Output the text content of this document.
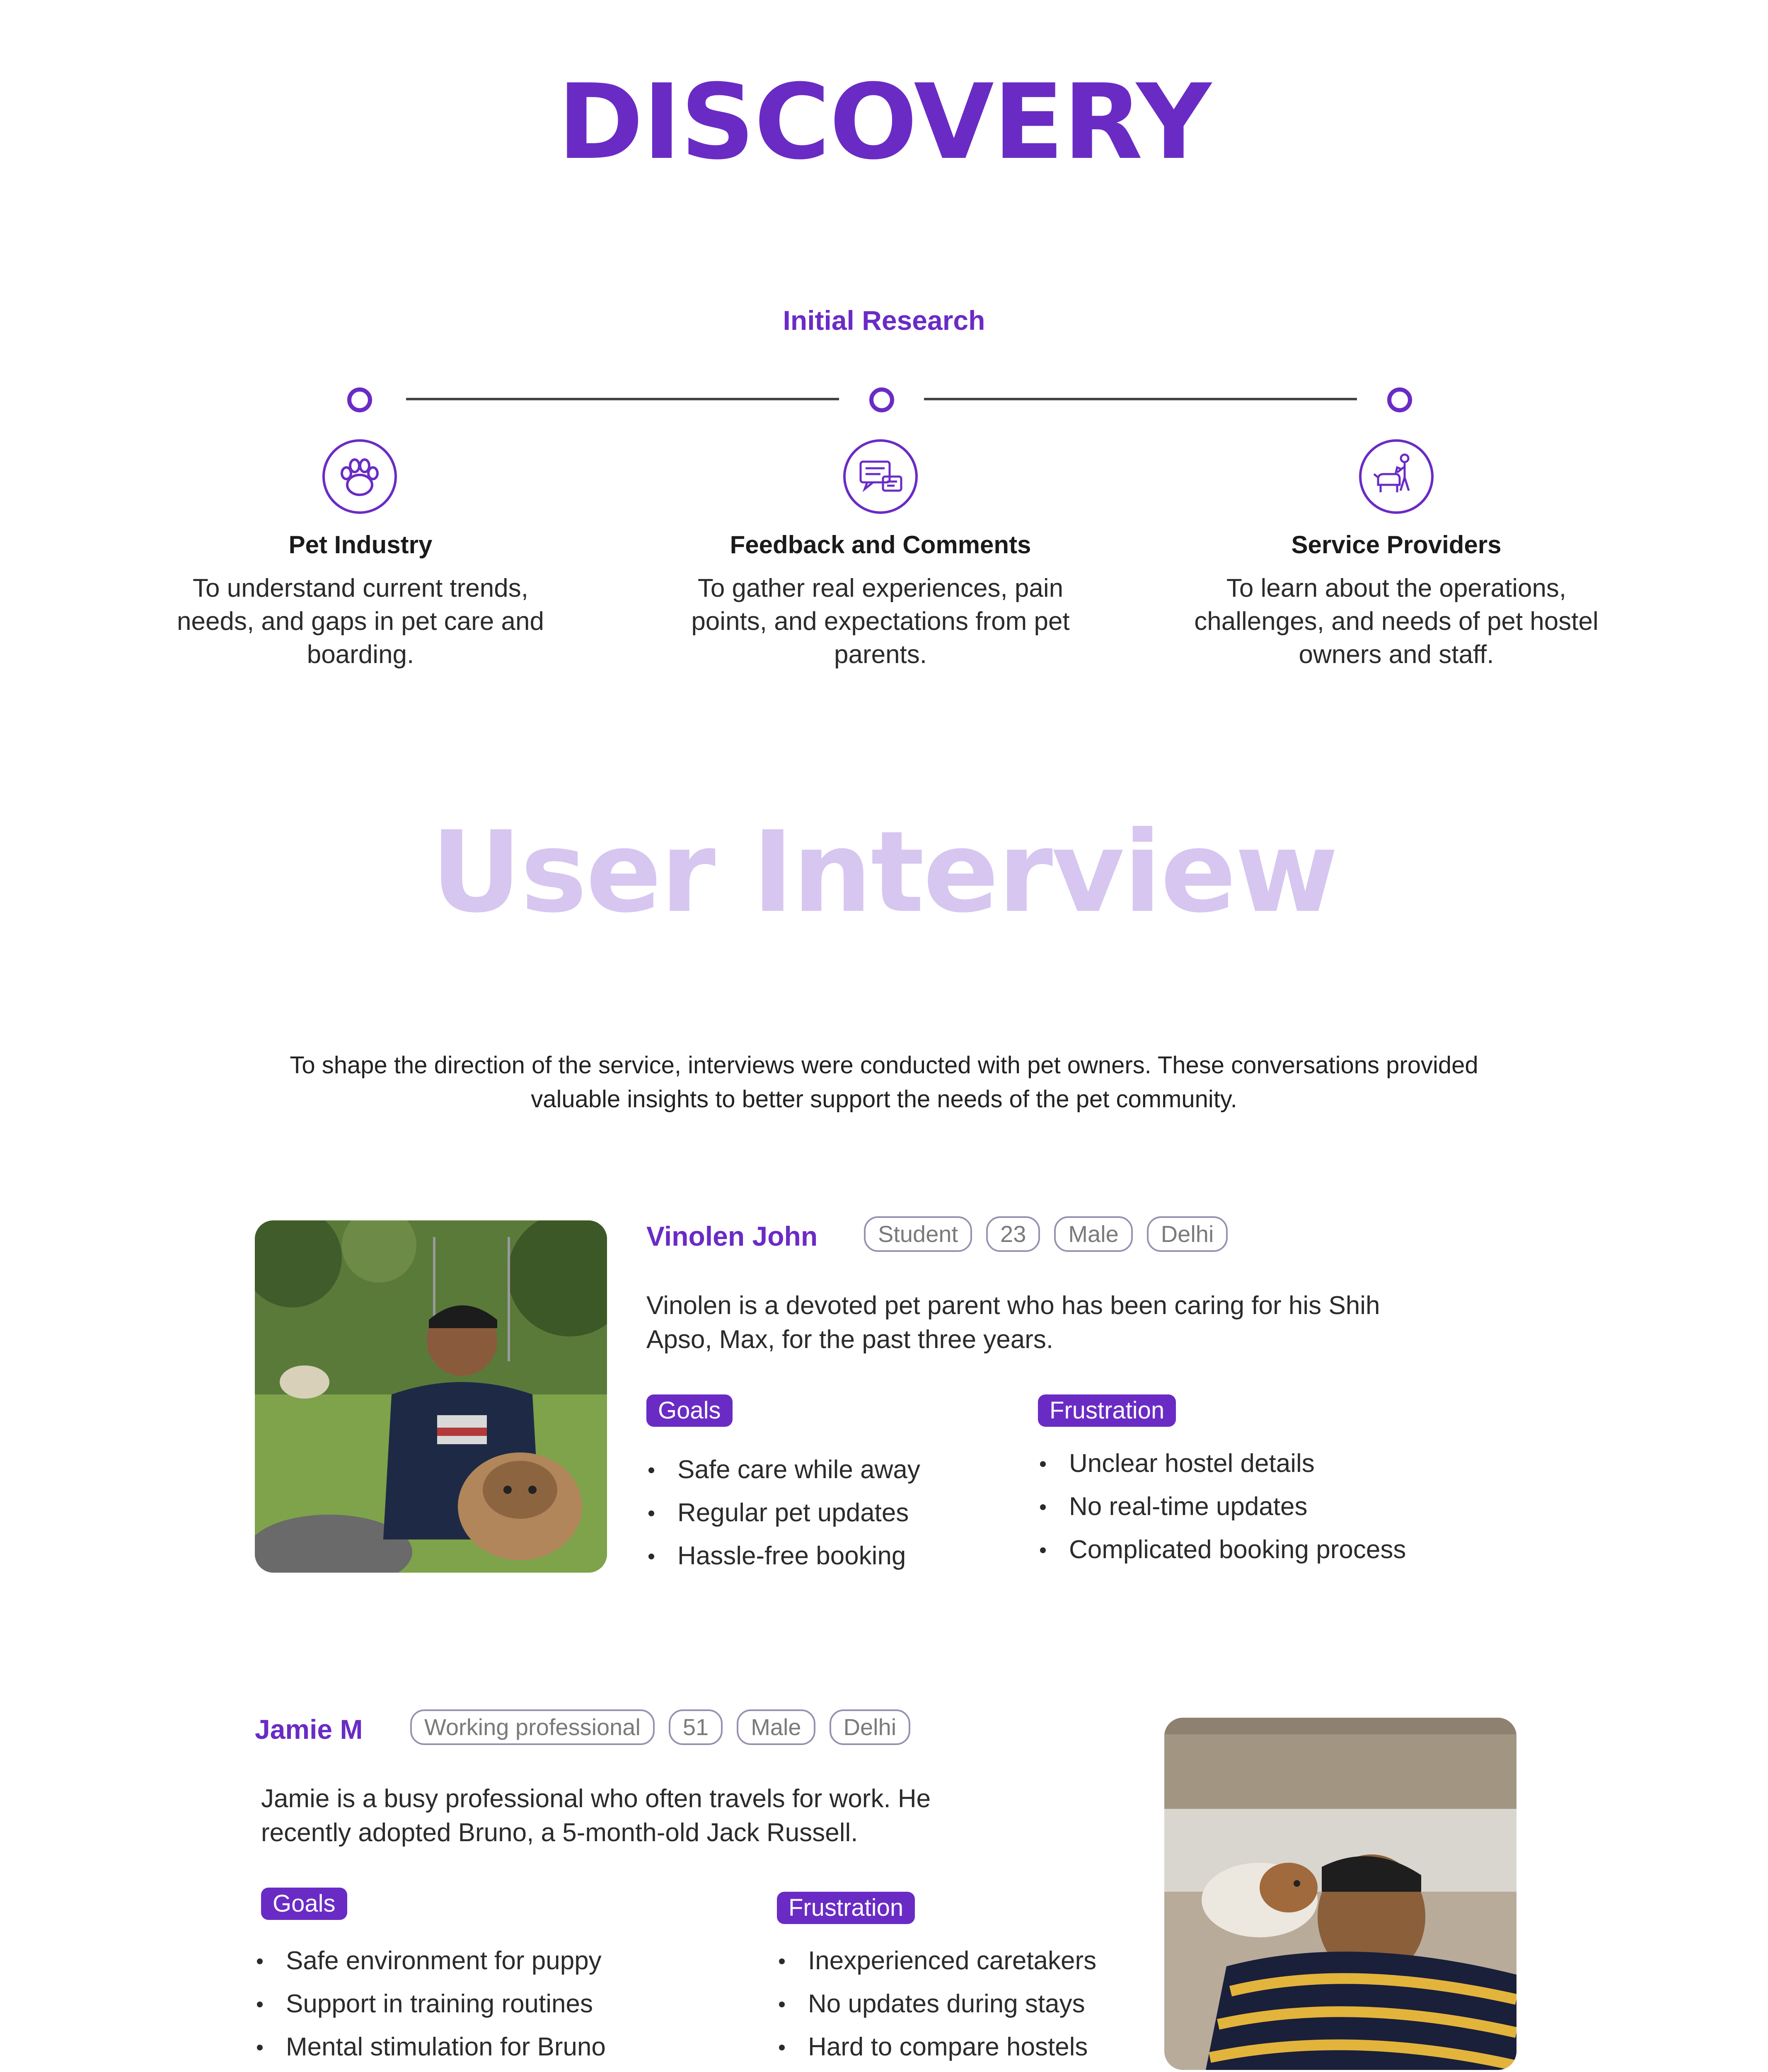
DISCOVERY
Initial Research
Pet Industry
To understand current trends, needs, and gaps in pet care and boarding.
Feedback and Comments
To gather real experiences, pain points, and expectations from pet parents.
Service Providers
To learn about the operations, challenges, and needs of pet hostel owners and staff.
User Interview
To shape the direction of the service, interviews were conducted with pet owners. These conversations provided valuable insights to better support the needs of the pet community.
Vinolen John	Student 23 Male Delhi
Vinolen is a devoted pet parent who has been caring for his Shih Apso, Max, for the past three years.
Goals
Safe care while away
Regular pet updates
Hassle-free booking
Frustration
Unclear hostel details
No real-time updates
Complicated booking process
Jamie M	Working professional 51 Male Delhi
Jamie is a busy professional who often travels for work. He recently adopted Bruno, a 5-month-old Jack Russell.
Goals
Safe environment for puppy
Support in training routines
Mental stimulation for Bruno
Frustration
Inexperienced caretakers
No updates during stays
Hard to compare hostels
